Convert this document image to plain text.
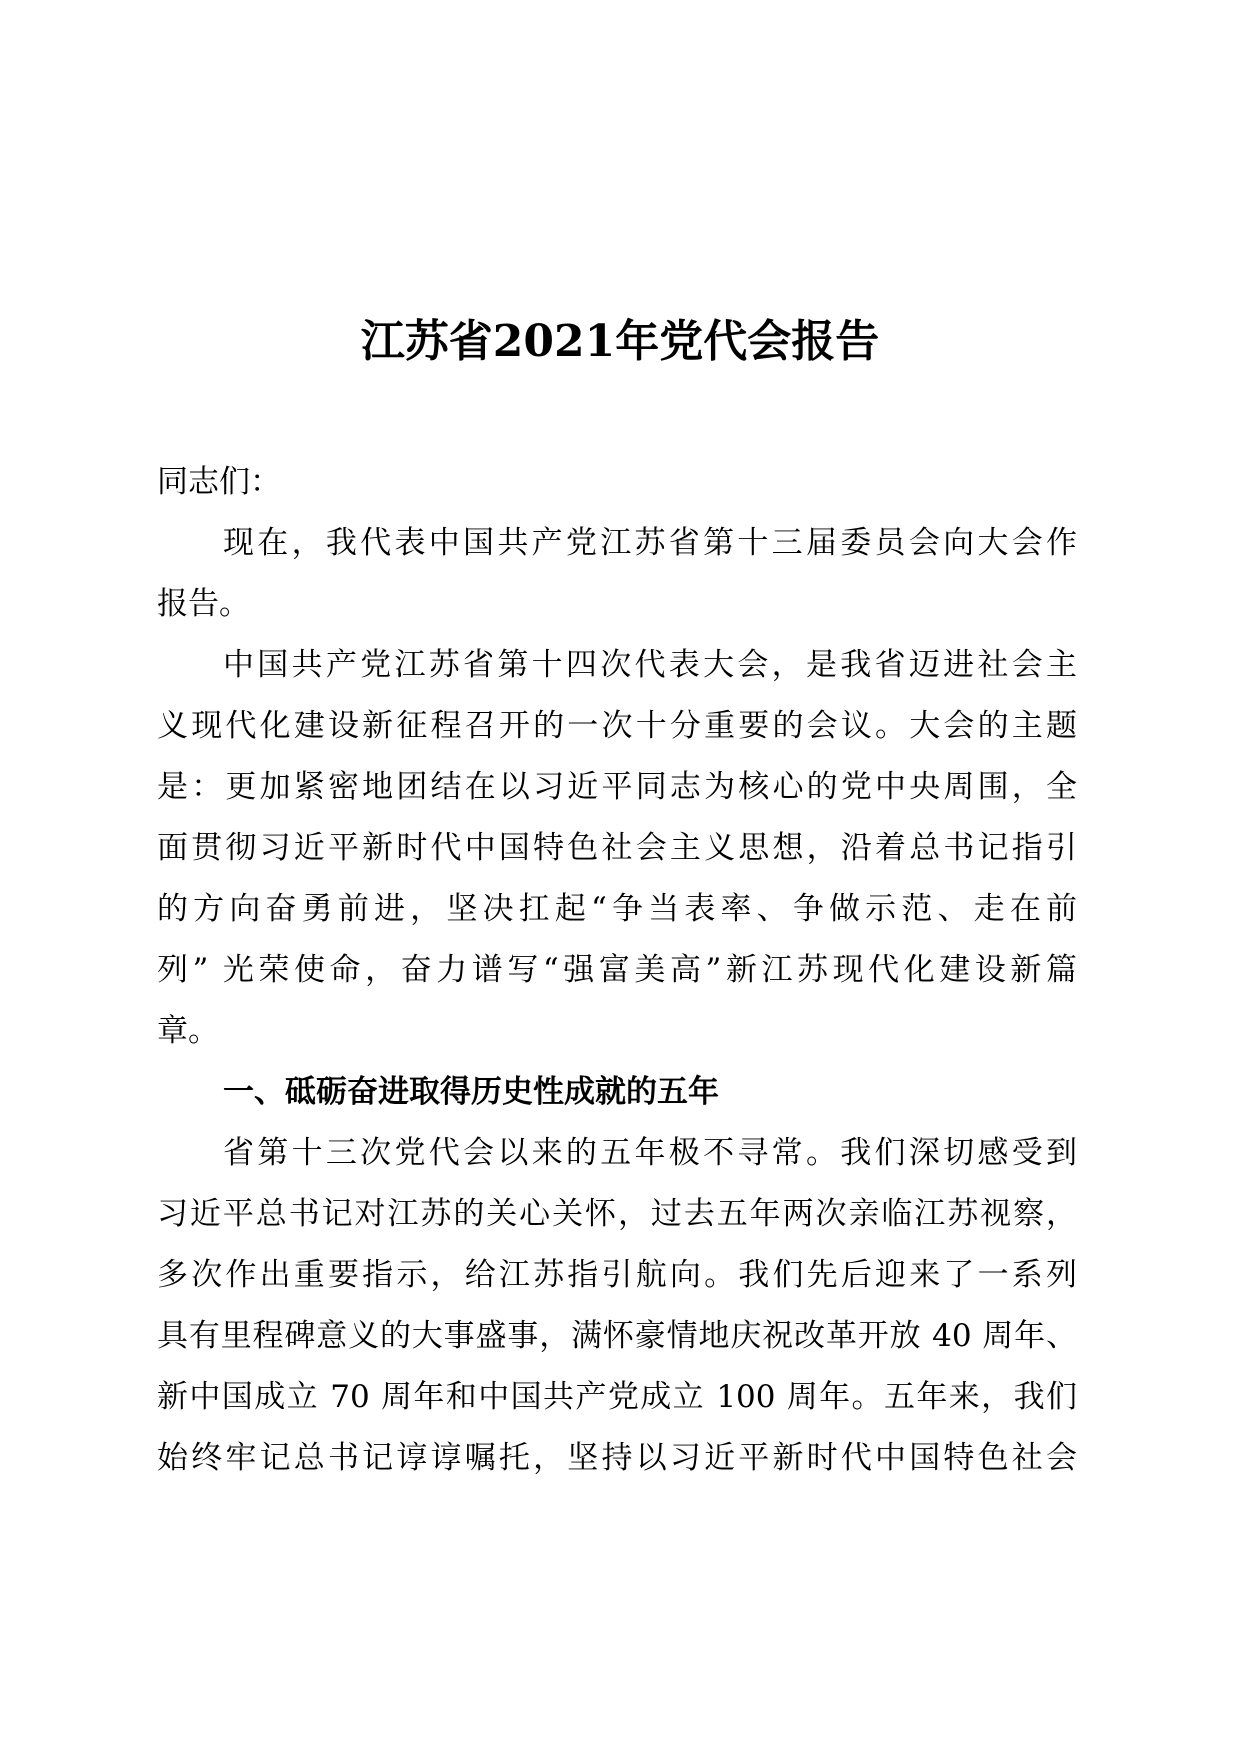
江苏省2021年党代会报告
同志们：
现在，我代表中国共产党江苏省第十三届委员会向大会作
报告。
中国共产党江苏省第十四次代表大会，是我省迈进社会主
义现代化建设新征程召开的一次十分重要的会议。大会的主题
是：更加紧密地团结在以习近平同志为核心的党中央周围，全
面贯彻习近平新时代中国特色社会主义思想，沿着总书记指引
的方向奋勇前进，坚决扛起“争当表率、争做示范、走在前
列” 光荣使命，奋力谱写“强富美高”新江苏现代化建设新篇
章。
一、砥砺奋进取得历史性成就的五年
省第十三次党代会以来的五年极不寻常。我们深切感受到
习近平总书记对江苏的关心关怀，过去五年两次亲临江苏视察，
多次作出重要指示，给江苏指引航向。我们先后迎来了一系列
具有里程碑意义的大事盛事，满怀豪情地庆祝改革开放 40 周年、
新中国成立 70 周年和中国共产党成立 100 周年。五年来，我们
始终牢记总书记谆谆嘱托，坚持以习近平新时代中国特色社会
